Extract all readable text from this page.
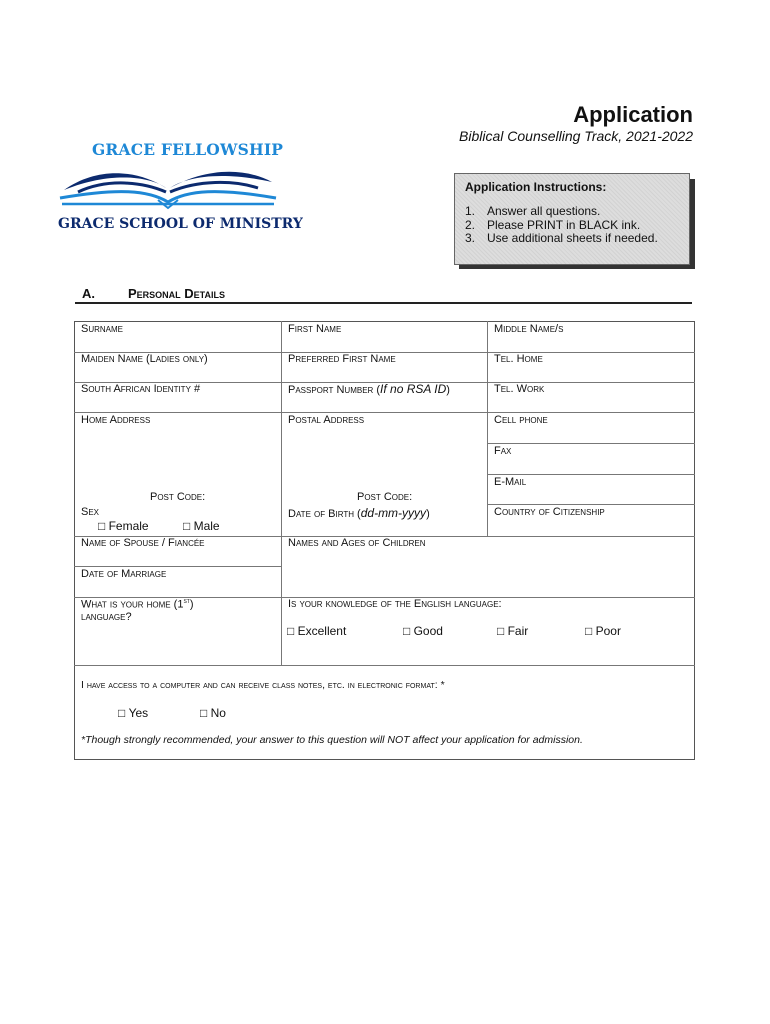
Application
Biblical Counselling Track, 2021-2022
GRACE FELLOWSHIP
GRACE SCHOOL OF MINISTRY
Application Instructions:
1. Answer all questions.
2. Please PRINT in BLACK ink.
3. Use additional sheets if needed.
A.	Personal Details
Surname	First Name	Middle Name/s
Maiden Name (Ladies only)	Preferred First Name	Tel. Home
South African Identity #	Passport Number (If no RSA ID)	Tel. Work
Home Address	Postal Address	Cell phone
Fax
E-Mail
Post Code:	Post Code:
Sex
□ Female	□ Male
Date of Birth (dd-mm-yyyy)	Country of Citizenship
Name of Spouse / Fiancée	Names and Ages of Children
Date of Marriage
What is your home (1st)
language?
Is your knowledge of the English language:
□ Excellent	□ Good	□ Fair	□ Poor
I have access to a computer and can receive class notes, etc. in electronic format: *
□ Yes	□ No
*Though strongly recommended, your answer to this question will NOT affect your application for admission.
